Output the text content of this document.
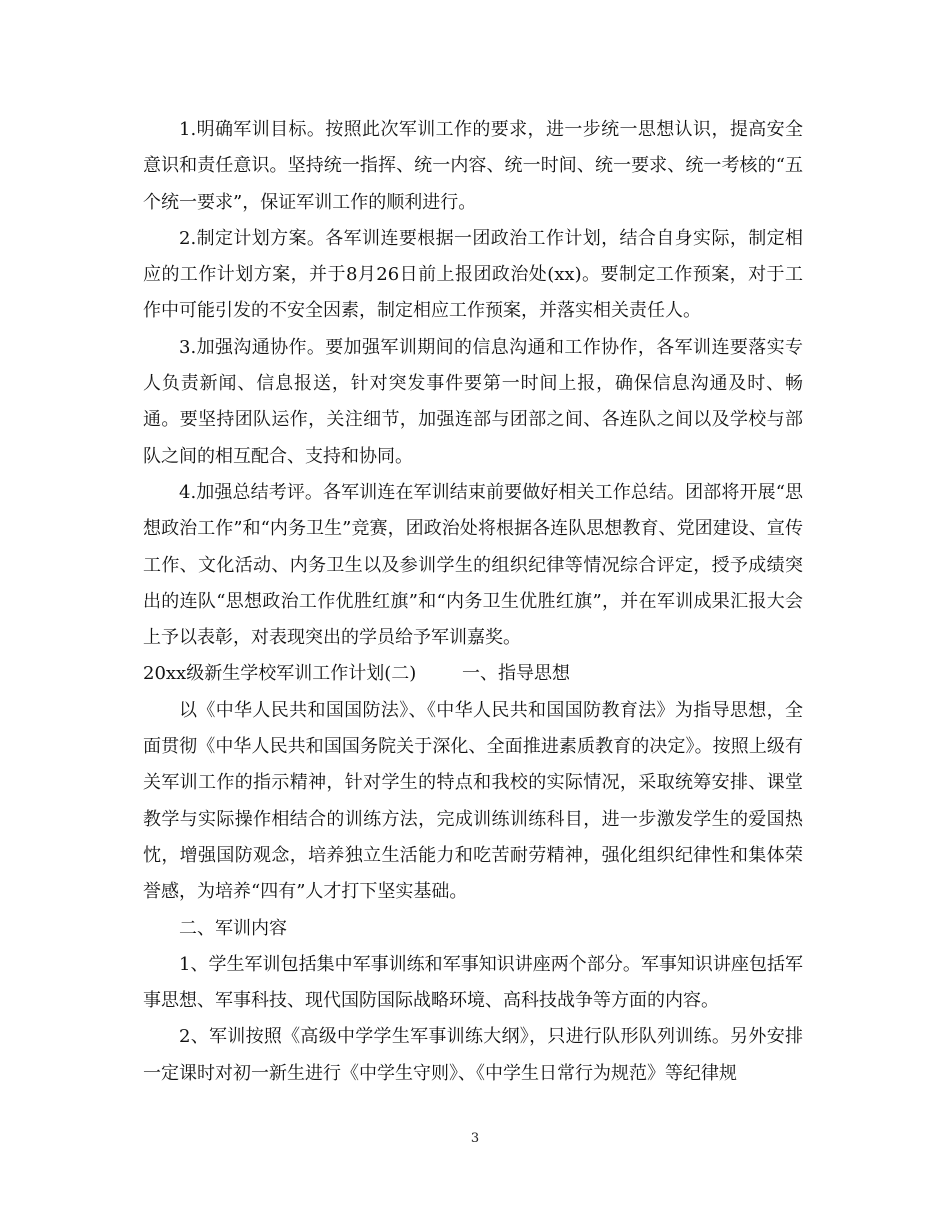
1.明确军训目标。按照此次军训工作的要求，进一步统一思想认识，提高安全意识和责任意识。坚持统一指挥、统一内容、统一时间、统一要求、统一考核的“五个统一要求”，保证军训工作的顺利进行。

2.制定计划方案。各军训连要根据一团政治工作计划，结合自身实际，制定相应的工作计划方案，并于8月26日前上报团政治处(xx)。要制定工作预案，对于工作中可能引发的不安全因素，制定相应工作预案，并落实相关责任人。

3.加强沟通协作。要加强军训期间的信息沟通和工作协作，各军训连要落实专人负责新闻、信息报送，针对突发事件要第一时间上报，确保信息沟通及时、畅通。要坚持团队运作，关注细节，加强连部与团部之间、各连队之间以及学校与部队之间的相互配合、支持和协同。

4.加强总结考评。各军训连在军训结束前要做好相关工作总结。团部将开展“思想政治工作”和“内务卫生”竞赛，团政治处将根据各连队思想教育、党团建设、宣传工作、文化活动、内务卫生以及参训学生的组织纪律等情况综合评定，授予成绩突出的连队“思想政治工作优胜红旗”和“内务卫生优胜红旗”，并在军训成果汇报大会上予以表彰，对表现突出的学员给予军训嘉奖。

20xx级新生学校军训工作计划(二)	一、指导思想

以《中华人民共和国国防法》、《中华人民共和国国防教育法》为指导思想，全面贯彻《中华人民共和国国务院关于深化、全面推进素质教育的决定》。按照上级有关军训工作的指示精神，针对学生的特点和我校的实际情况，采取统筹安排、课堂教学与实际操作相结合的训练方法，完成训练训练科目，进一步激发学生的爱国热忱，增强国防观念，培养独立生活能力和吃苦耐劳精神，强化组织纪律性和集体荣誉感，为培养“四有”人才打下坚实基础。

二、军训内容

1、学生军训包括集中军事训练和军事知识讲座两个部分。军事知识讲座包括军事思想、军事科技、现代国防国际战略环境、高科技战争等方面的内容。

2、军训按照《高级中学学生军事训练大纲》，只进行队形队列训练。另外安排一定课时对初一新生进行《中学生守则》、《中学生日常行为规范》等纪律规

3
